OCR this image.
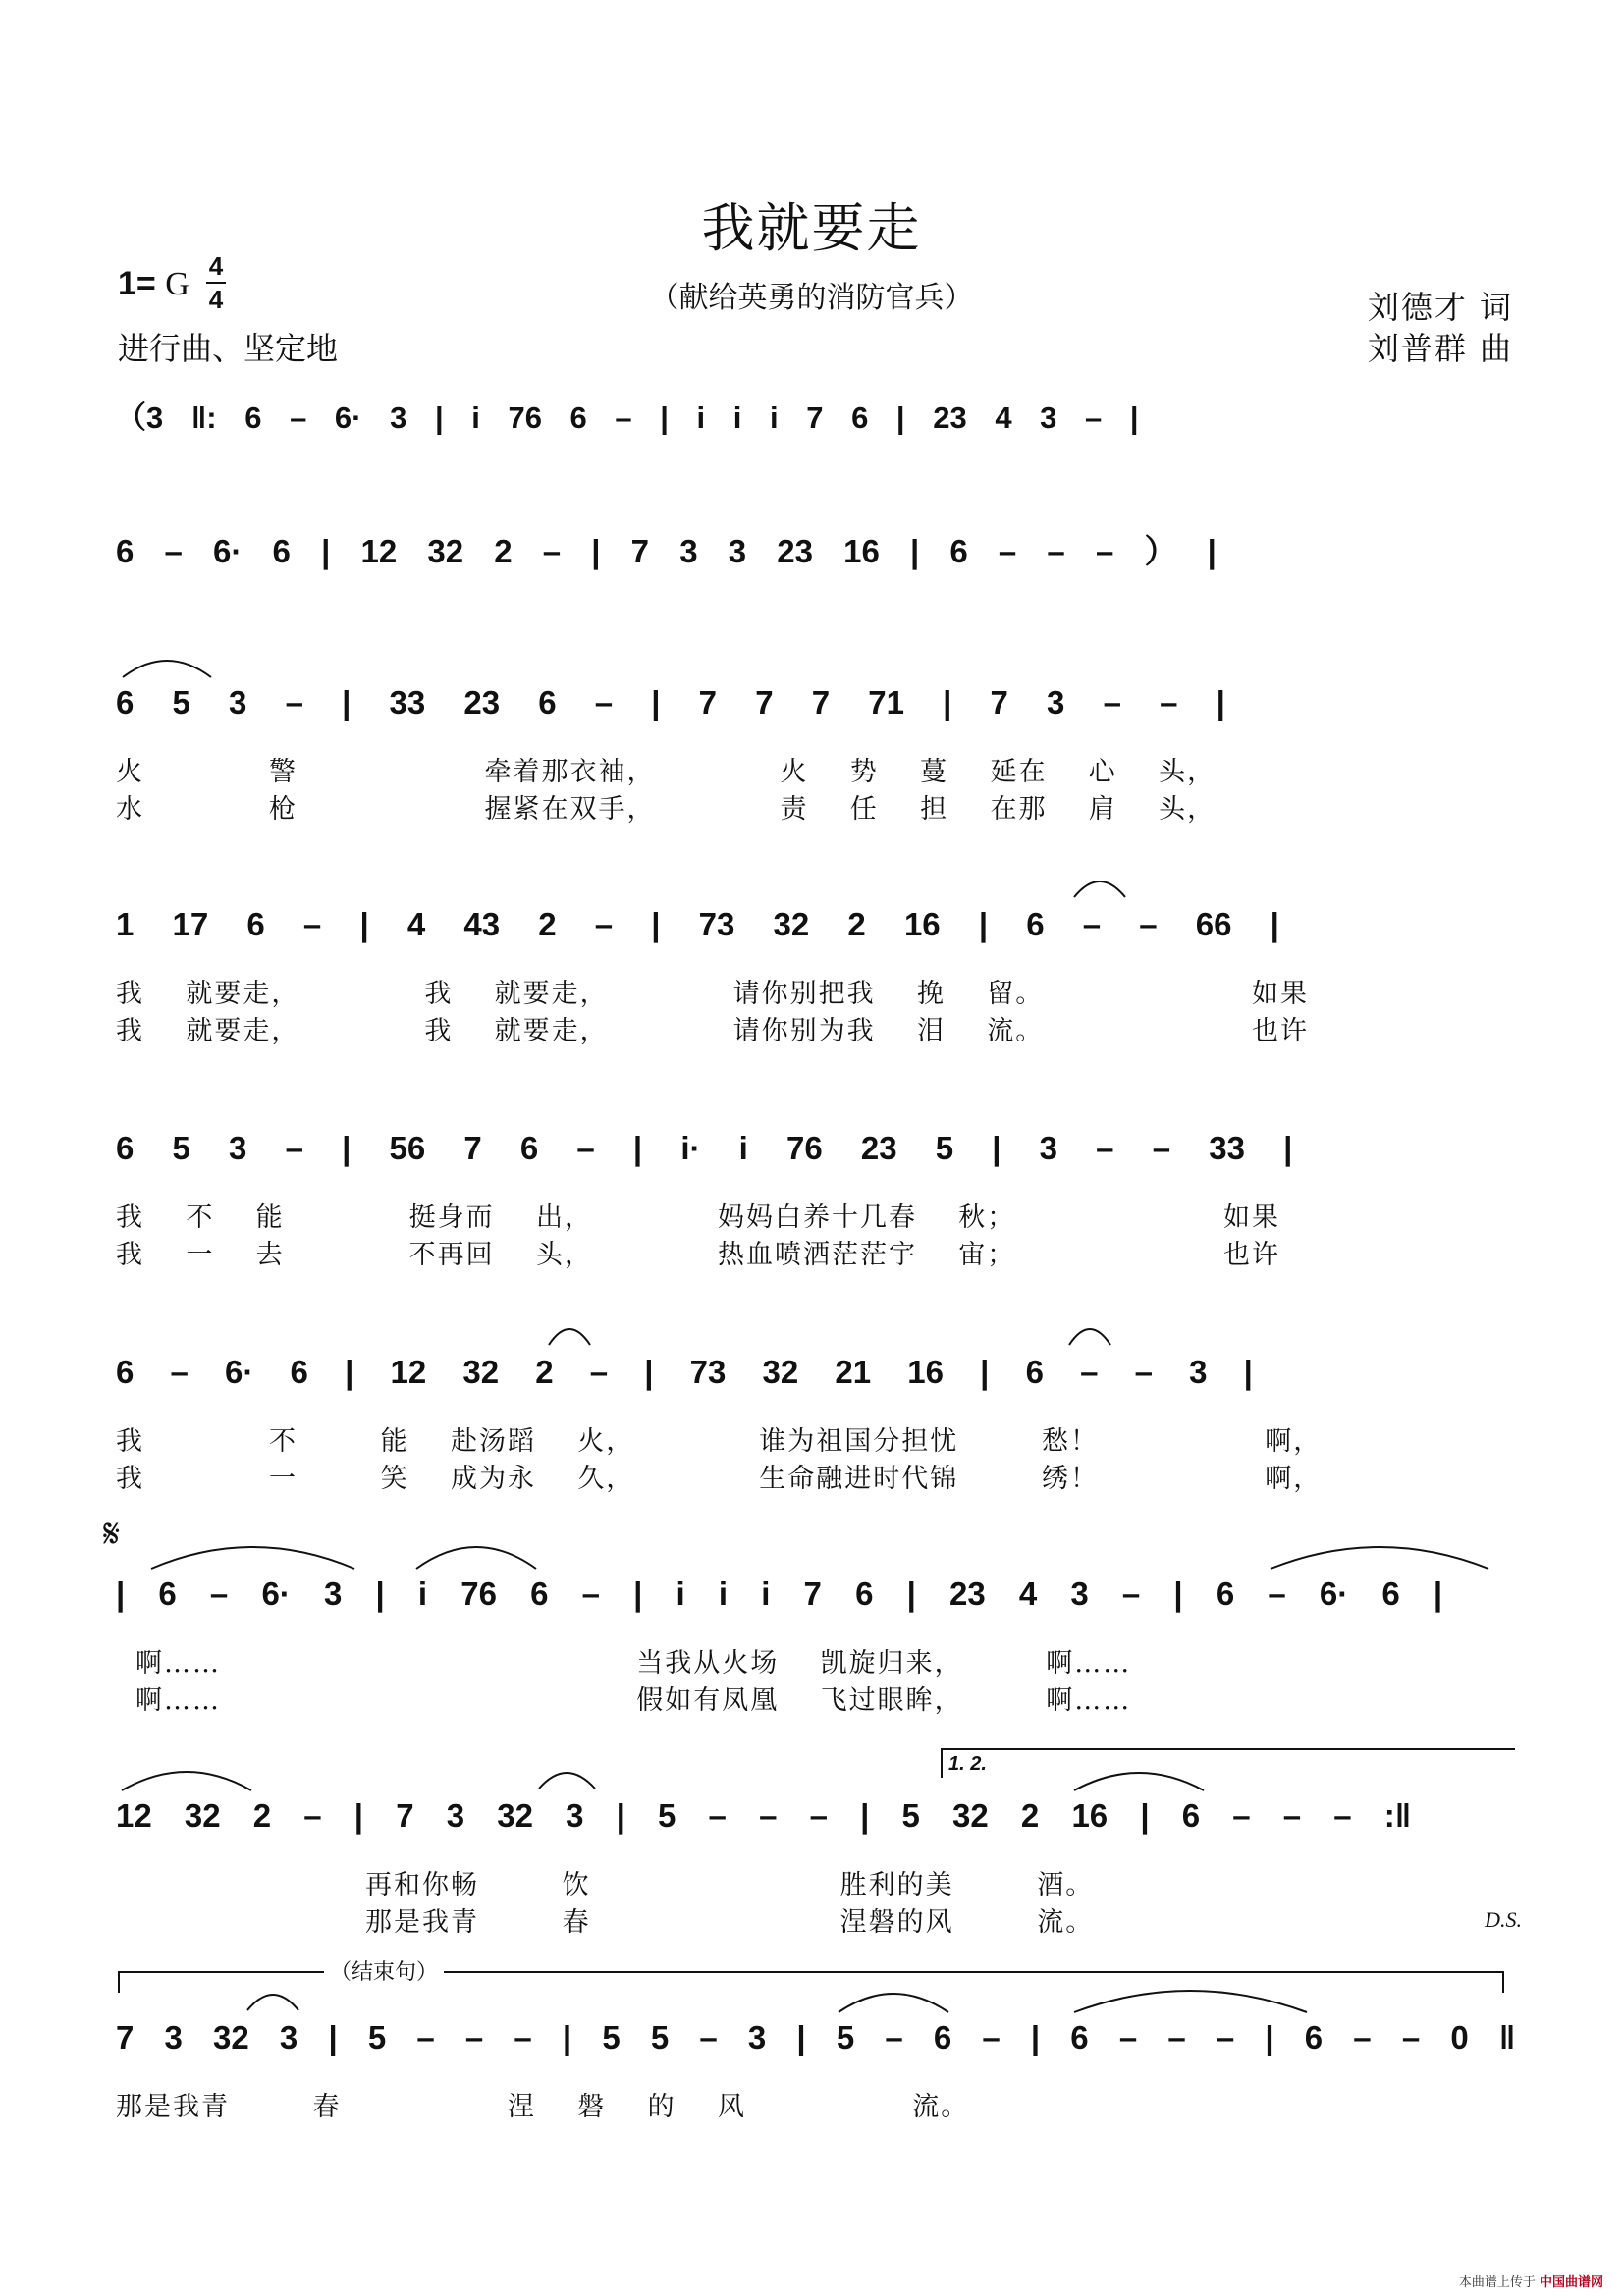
我就要走
（献给英勇的消防官兵）
1= G 4
4
进行曲、坚定地
刘德才 词
刘普群 曲
（3 ‖: 6 – 6· 3 | i 76 6 – | i i i 7 6 | 23 4 3 – |
6 – 6· 6 | 12 32 2 – | 7 3 3 23 16 | 6 – – – ） |
6 5 3 – | 33 23 6 – | 7 7 7 71 | 7 3 – – |
火            警                  牵着那衣袖，            火    势    蔓    延在    心    头，
水            枪                  握紧在双手，            责    任    担    在那    肩    头，
1 17 6 – | 4 43 2 – | 73 32 2 16 | 6 – – 66 |
我    就要走，            我    就要走，            请你别把我    挽    留。                    如果
我    就要走，            我    就要走，            请你别为我    泪    流。                    也许
6 5 3 – | 56 7 6 – | i· i 76 23 5 | 3 – – 33 |
我    不    能            挺身而    出，            妈妈白养十几春    秋；                    如果
我    一    去            不再回    头，            热血喷洒茫茫宇    宙；                    也许
6 – 6· 6 | 12 32 2 – | 73 32 21 16 | 6 – – 3 |
我            不        能    赴汤蹈    火，            谁为祖国分担忧        愁！                啊，
我            一        笑    成为永    久，            生命融进时代锦        绣！                啊，
𝄋
| 6 – 6· 3 | i 76 6 – | i i i 7 6 | 23 4 3 – | 6 – 6· 6 |
啊……                                        当我从火场    凯旋归来，        啊……
啊……                                        假如有凤凰    飞过眼眸，        啊……
1. 2.
12 32 2 – | 7 3 32 3 | 5 – – – | 5 32 2 16 | 6 – – – :‖
再和你畅        饮                        胜利的美        酒。
那是我青        春                        涅磐的风        流。	D.S.
（结束句）
7 3 32 3 | 5 – – – | 5 5 – 3 | 5 – 6 – | 6 – – – | 6 – – 0 ‖
那是我青        春                涅    磐    的    风                流。
本曲谱上传于 中国曲谱网
